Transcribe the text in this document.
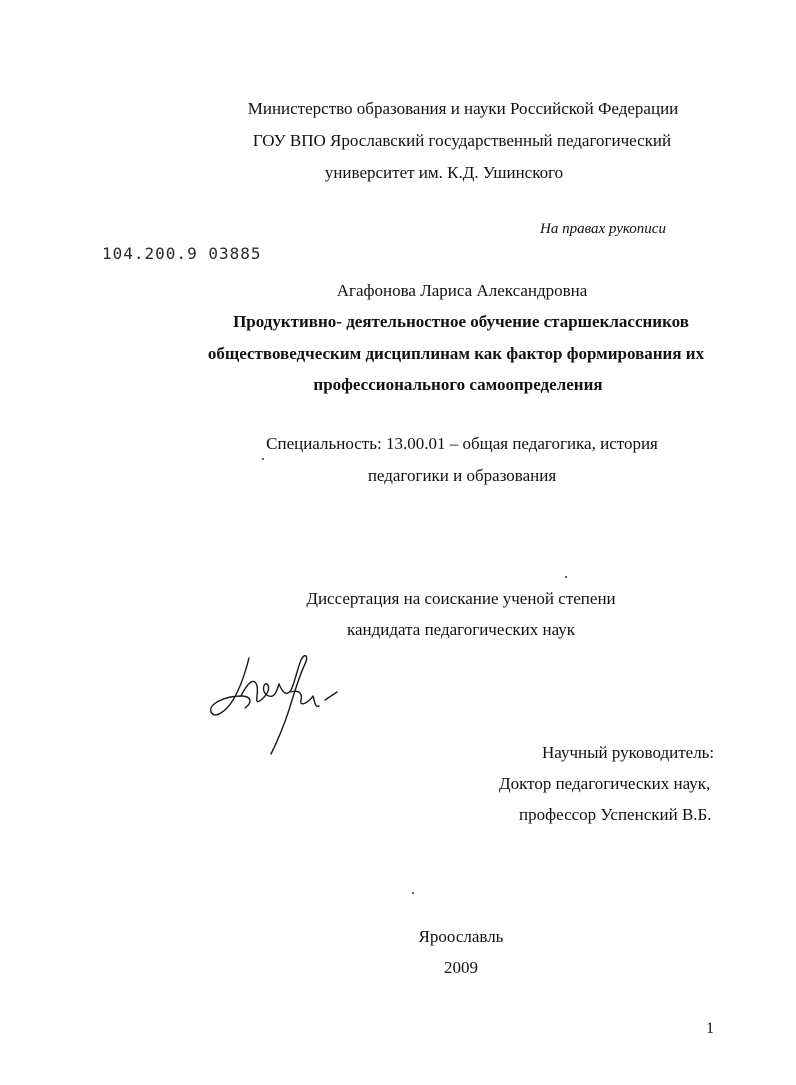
Министерство образования и науки Российской Федерации
ГОУ ВПО Ярославский государственный педагогический
университет им. К.Д. Ушинского
На правах рукописи
104.200.9 03885
Агафонова Лариса Александровна
Продуктивно- деятельностное обучение старшеклассников
обществоведческим дисциплинам как фактор формирования их
профессионального самоопределения
Специальность: 13.00.01 – общая педагогика, история
педагогики и образования
Диссертация на соискание ученой степени
кандидата педагогических наук
Научный руководитель:
Доктор педагогических наук,
профессор Успенский В.Б.
Яроославль
2009
1
